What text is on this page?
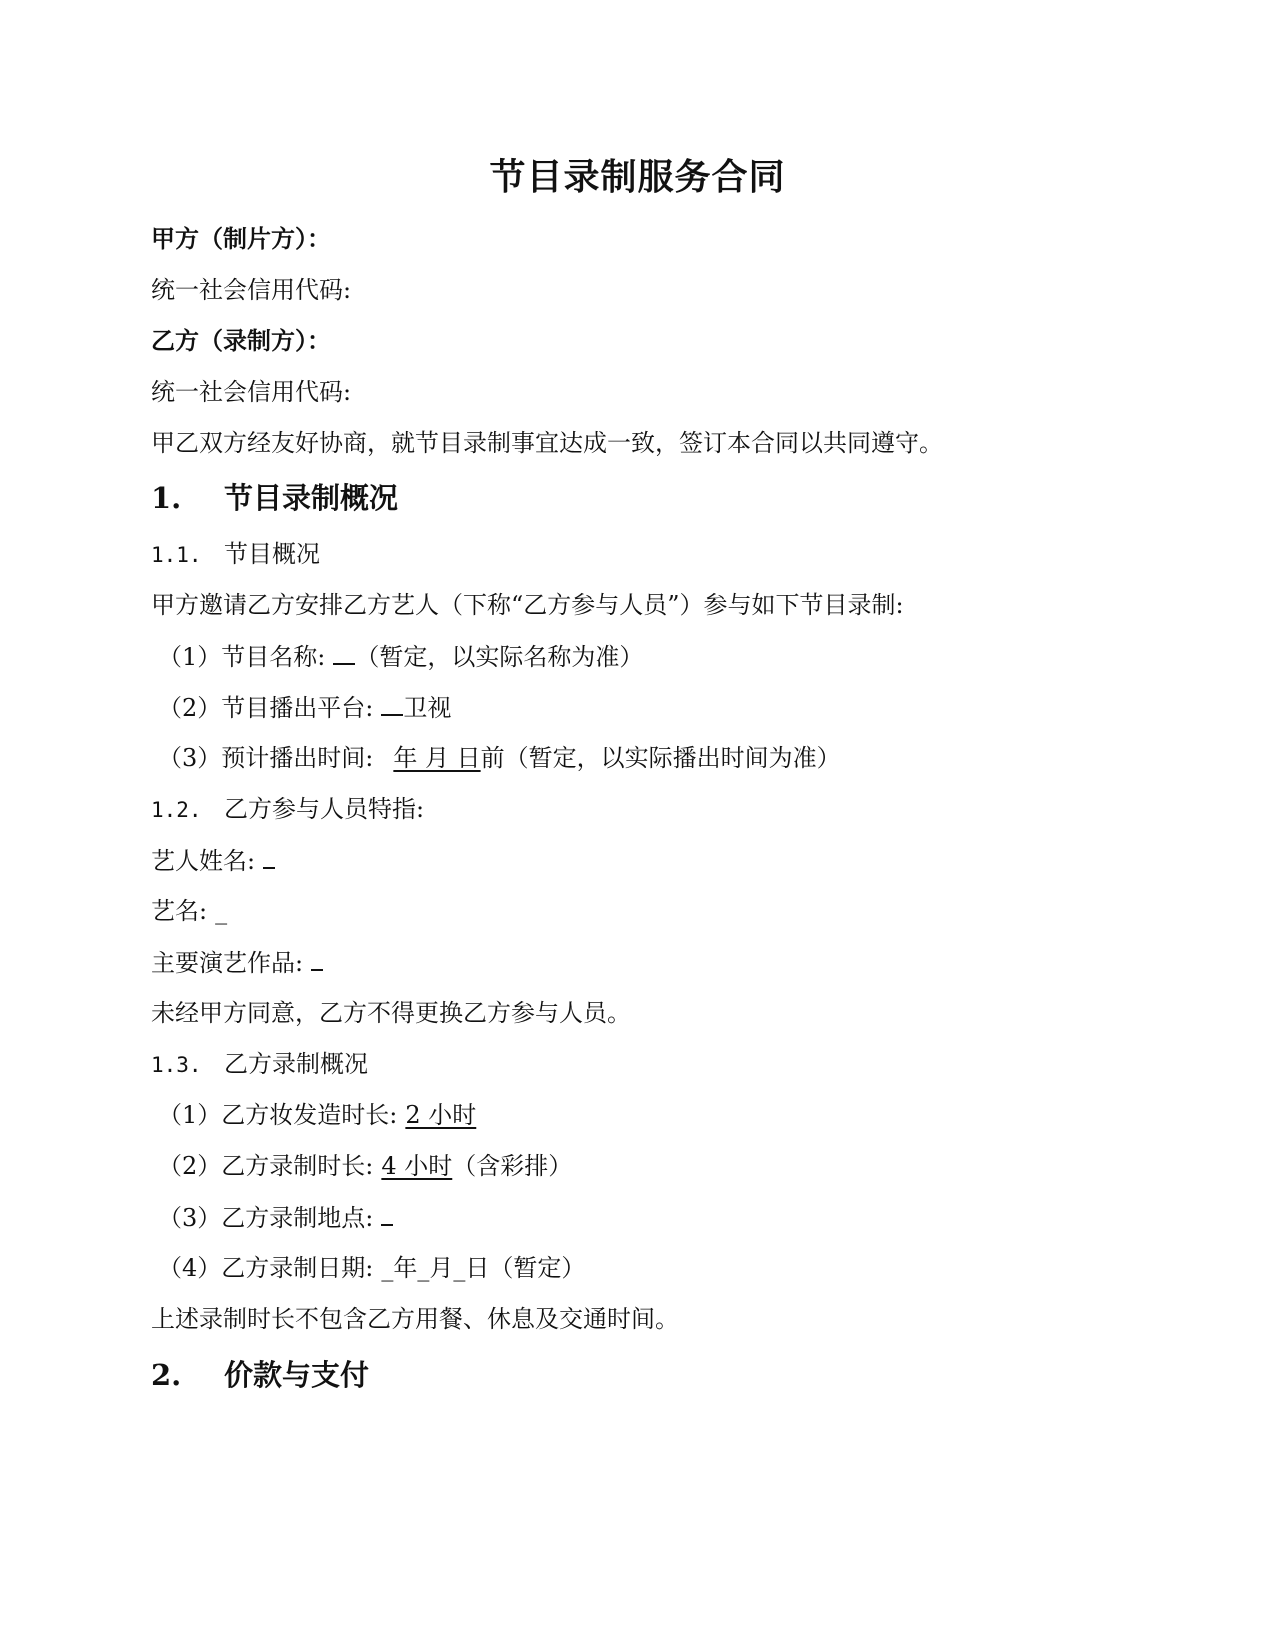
节目录制服务合同
甲方（制片方）：
统一社会信用代码:
乙方（录制方）：
统一社会信用代码:
甲乙双方经友好协商，就节目录制事宜达成一致，签订本合同以共同遵守。
1. 节目录制概况
1.1. 节目概况
甲方邀请乙方安排乙方艺人（下称“乙方参与人员”）参与如下节目录制:
（1）节目名称: （暂定，以实际名称为准）
（2）节目播出平台: 卫视
（3）预计播出时间: 年 月 日前（暂定，以实际播出时间为准）
1.2. 乙方参与人员特指:
艺人姓名:
艺名: _
主要演艺作品:
未经甲方同意，乙方不得更换乙方参与人员。
1.3. 乙方录制概况
（1）乙方妆发造时长: 2 小时
（2）乙方录制时长: 4 小时（含彩排）
（3）乙方录制地点:
（4）乙方录制日期: _年_月_日（暂定）
上述录制时长不包含乙方用餐、休息及交通时间。
2. 价款与支付
